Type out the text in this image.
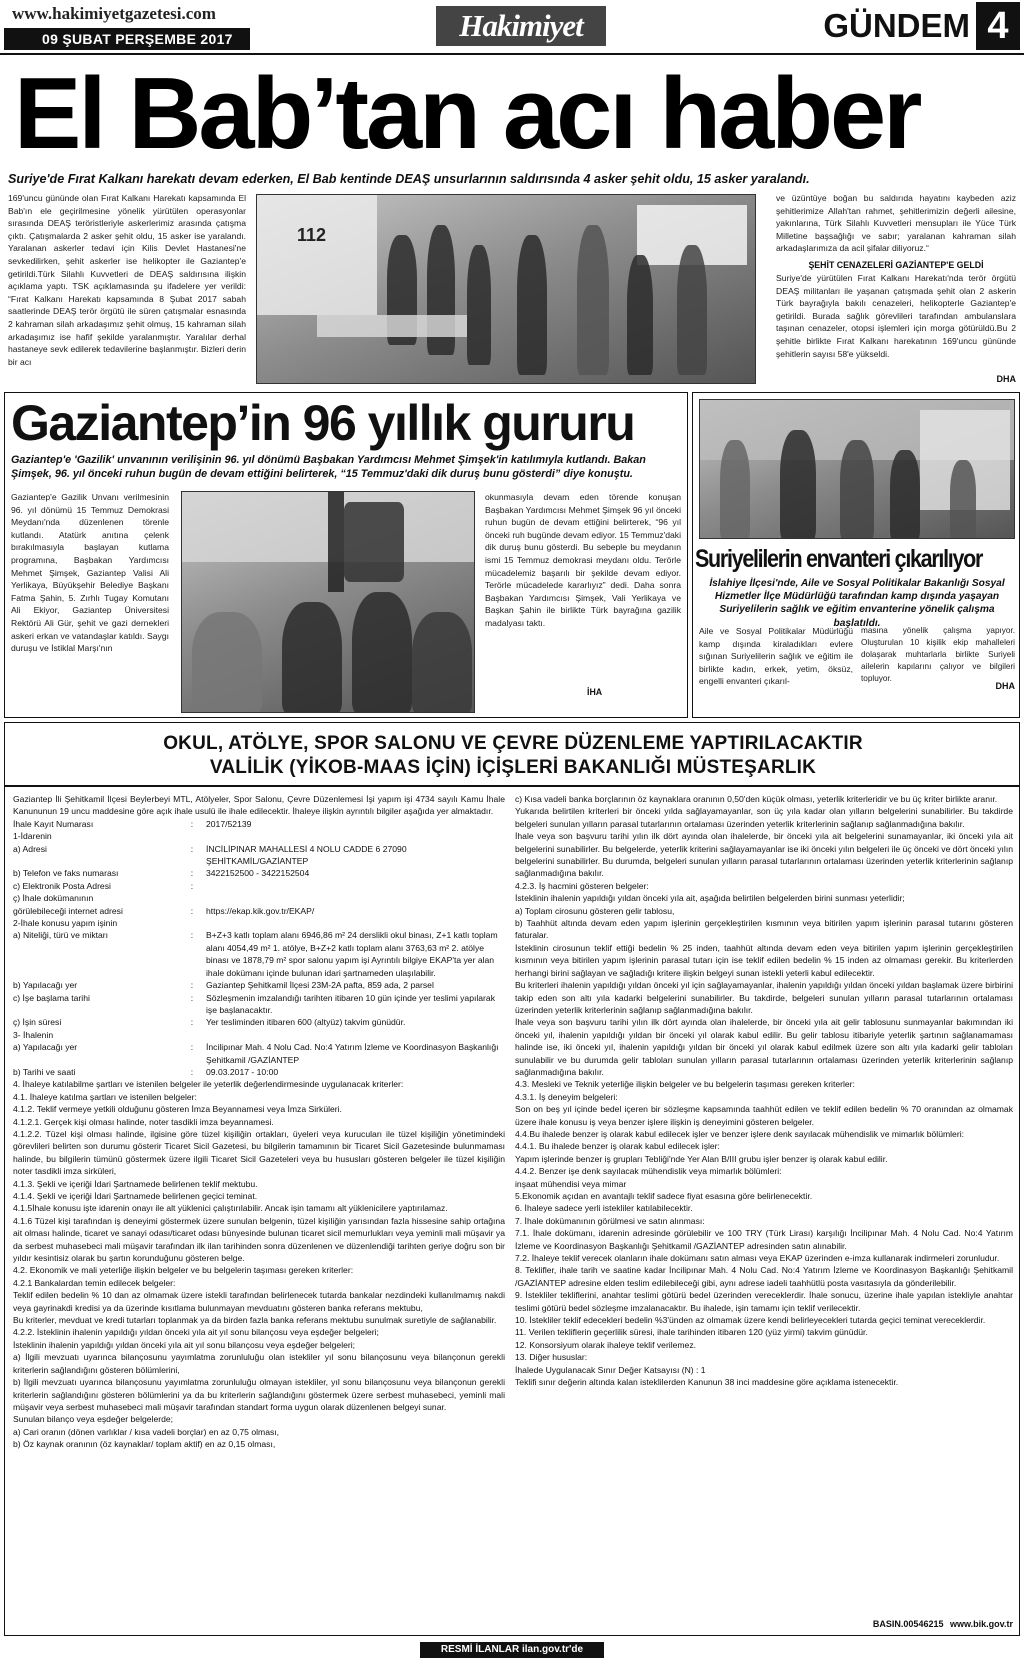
www.hakimiyetgazetesi.com
09 ŞUBAT PERŞEMBE 2017	Hakimiyet	GÜNDEM 4
El Bab’tan acı haber
Suriye'de Fırat Kalkanı harekatı devam ederken, El Bab kentinde DEAŞ unsurlarının saldırısında 4 asker şehit oldu, 15 asker yaralandı.
169'uncu gününde olan Fırat Kalkanı Harekatı kapsamında El Bab'ın ele geçirilmesine yönelik yürütülen operasyonlar sırasında DEAŞ teröristleriyle askerlerimiz arasında çatışma çıktı. Çatışmalarda 2 asker şehit oldu, 15 asker ise yaralandı. Yaralanan askerler tedavi için Kilis Devlet Hastanesi'ne sevkedilirken, şehit askerler ise helikopter ile Gaziantep'e getirildi.Türk Silahlı Kuvvetleri de DEAŞ saldırısına ilişkin açıklama yaptı. TSK açıklamasında şu ifadelere yer verildi: “Fırat Kalkanı Harekatı kapsamında 8 Şubat 2017 sabah saatlerinde DEAŞ terör örgütü ile süren çatışmalar esnasında 2 kahraman silah arkadaşımız şehit olmuş, 15 kahraman silah arkadaşımız ise hafif şekilde yaralanmıştır. Yaralılar derhal hastaneye sevk edilerek tedavilerine başlanmıştır. Bizleri derin bir acı
112
ve üzüntüye boğan bu saldırıda hayatını kaybeden aziz şehitlerimize Allah'tan rahmet, şehitlerimizin değerli ailesine, yakınlarına, Türk Silahlı Kuvvetleri mensupları ile Yüce Türk Milletine başsağlığı ve sabır; yaralanan kahraman silah arkadaşlarımıza da acil şifalar diliyoruz.“
ŞEHİT CENAZELERİ GAZİANTEP'E GELDİ
Suriye'de yürütülen Fırat Kalkanı Harekatı'nda terör örgütü DEAŞ militanları ile yaşanan çatışmada şehit olan 2 askerin Türk bayrağıyla bakılı cenazeleri, helikopterle Gaziantep'e getirildi. Burada sağlık görevlileri tarafından ambulanslara taşınan cenazeler, otopsi işlemleri için morga götürüldü.Bu 2 şehitle birlikte Fırat Kalkanı harekatının 169'uncu gününde şehitlerin sayısı 58'e yükseldi.
DHA
Gaziantep’in 96 yıllık gururu
Gaziantep'e 'Gazilik' unvanının verilişinin 96. yıl dönümü Başbakan Yardımcısı Mehmet Şimşek'in katılımıyla kutlandı. Bakan Şimşek, 96. yıl önceki ruhun bugün de devam ettiğini belirterek, “15 Temmuz'daki dik duruş bunu gösterdi” diye konuştu.
Gaziantep'e Gazilik Unvanı verilmesinin 96. yıl dönümü 15 Temmuz Demokrasi Meydanı'nda düzenlenen törenle kutlandı. Atatürk anıtına çelenk bırakılmasıyla başlayan kutlama programına, Başbakan Yardımcısı Mehmet Şimşek, Gaziantep Valisi Ali Yerlikaya, Büyükşehir Belediye Başkanı Fatma Şahin, 5. Zırhlı Tugay Komutanı Ali Ekiyor, Gaziantep Üniversitesi Rektörü Ali Gür, şehit ve gazi dernekleri askeri erkan ve vatandaşlar katıldı. Saygı duruşu ve İstiklal Marşı'nın
okunmasıyla devam eden törende konuşan Başbakan Yardımcısı Mehmet Şimşek 96 yıl önceki ruhun bugün de devam ettiğini belirterek, “96 yıl önceki ruh bugünde devam ediyor. 15 Temmuz'daki dik duruş bunu gösterdi. Bu sebeple bu meydanın ismi 15 Temmuz demokrasi meydanı oldu. Terörle mücadelemiz başarılı bir şekilde devam ediyor. Terörle mücadelede kararlıyız” dedi. Daha sonra Başbakan Yardımcısı Şimşek, Vali Yerlikaya ve Başkan Şahin ile birlikte Türk bayrağına gazilik madalyası taktı.
İHA
Suriyelilerin envanteri çıkarılıyor
İslahiye İlçesi'nde, Aile ve Sosyal Politikalar Bakanlığı Sosyal Hizmetler İlçe Müdürlüğü tarafından kamp dışında yaşayan Suriyelilerin sağlık ve eğitim envanterine yönelik çalışma başlatıldı.
Aile ve Sosyal Politikalar Müdürlüğü kamp dışında kiraladıkları evlere sığınan Suriyelilerin sağlık ve eğitim ile birlikte kadın, erkek, yetim, öksüz, engelli envanteri çıkarıl-
masına yönelik çalışma yapıyor. Oluşturulan 10 kişilik ekip mahalleleri dolaşarak muhtarlarla birlikte Suriyeli ailelerin kapılarını çalıyor ve bilgileri topluyor.
DHA
OKUL, ATÖLYE, SPOR SALONU VE ÇEVRE DÜZENLEME YAPTIRILACAKTIR
VALİLİK (YİKOB-MAAS İÇİN) İÇİŞLERİ BAKANLIĞI MÜSTEŞARLIK
Gaziantep İli Şehitkamil İlçesi Beylerbeyi MTL, Atölyeler, Spor Salonu, Çevre Düzenlemesi İşi yapım işi 4734 sayılı Kamu İhale Kanununun 19 uncu maddesine göre açık ihale usulü ile ihale edilecektir. İhaleye ilişkin ayrıntılı bilgiler aşağıda yer almaktadır.
İhale Kayıt Numarası	:	2017/52139
1-İdarenin
a) Adresi	:	İNCİLİPINAR MAHALLESİ 4 NOLU CADDE 6 27090 ŞEHİTKAMİL/GAZİANTEP
b) Telefon ve faks numarası	:	3422152500 - 3422152504
c) Elektronik Posta Adresi	:
ç) İhale dokümanının
görülebileceği internet adresi	:	https://ekap.kik.gov.tr/EKAP/
2-İhale konusu yapım işinin
a) Niteliği, türü ve miktarı	:	B+Z+3 katlı toplam alanı 6946,86 m² 24 derslikli okul binası, Z+1 katlı toplam alanı 4054,49 m² 1. atölye, B+Z+2 katlı toplam alanı 3763,63 m² 2. atölye binası ve 1878,79 m² spor salonu yapım işi Ayrıntılı bilgiye EKAP'ta yer alan ihale dokümanı içinde bulunan idari şartnameden ulaşılabilir.
b) Yapılacağı yer	:	Gaziantep Şehitkamil İlçesi 23M-2A pafta, 859 ada, 2 parsel
c) İşe başlama tarihi	:	Sözleşmenin imzalandığı tarihten itibaren 10 gün içinde yer teslimi yapılarak işe başlanacaktır.
ç) İşin süresi	:	Yer tesliminden itibaren 600 (altyüz) takvim günüdür.
3- İhalenin
a) Yapılacağı yer	:	İncilipınar Mah. 4 Nolu Cad. No:4 Yatırım İzleme ve Koordinasyon Başkanlığı Şehitkamil /GAZİANTEP
b) Tarihi ve saati	:	09.03.2017 - 10:00
4. İhaleye katılabilme şartları ve istenilen belgeler ile yeterlik değerlendirmesinde uygulanacak kriterler:
4.1. İhaleye katılma şartları ve istenilen belgeler:
4.1.2. Teklif vermeye yetkili olduğunu gösteren İmza Beyannamesi veya İmza Sirküleri.
4.1.2.1. Gerçek kişi olması halinde, noter tasdikli imza beyannamesi.
4.1.2.2. Tüzel kişi olması halinde, ilgisine göre tüzel kişiliğin ortakları, üyeleri veya kurucuları ile tüzel kişiliğin yönetimindeki görevlileri belirten son durumu gösterir Ticaret Sicil Gazetesi, bu bilgilerin tamamının bir Ticaret Sicil Gazetesinde bulunmaması halinde, bu bilgilerin tümünü göstermek üzere ilgili Ticaret Sicil Gazeteleri veya bu hususları gösteren belgeler ile tüzel kişiliğin noter tasdikli imza sirküleri,
4.1.3. Şekli ve içeriği İdari Şartnamede belirlenen teklif mektubu.
4.1.4. Şekli ve içeriği İdari Şartnamede belirlenen geçici teminat.
4.1.5İhale konusu işte idarenin onayı ile alt yüklenici çalıştırılabilir. Ancak işin tamamı alt yüklenicilere yaptırılamaz.
4.1.6 Tüzel kişi tarafından iş deneyimi göstermek üzere sunulan belgenin, tüzel kişiliğin yarısından fazla hissesine sahip ortağına ait olması halinde, ticaret ve sanayi odası/ticaret odası bünyesinde bulunan ticaret sicil memurlukları veya yeminli mali müşavir ya da serbest muhasebeci mali müşavir tarafından ilk ilan tarihinden sonra düzenlenen ve düzenlendiği tarihten geriye doğru son bir yıldır kesintisiz olarak bu şartın korunduğunu gösteren belge.
4.2. Ekonomik ve mali yeterliğe ilişkin belgeler ve bu belgelerin taşıması gereken kriterler:
4.2.1 Bankalardan temin edilecek belgeler:
Teklif edilen bedelin % 10 dan az olmamak üzere istekli tarafından belirlenecek tutarda bankalar nezdindeki kullanılmamış nakdi veya gayrinakdi kredisi ya da üzerinde kısıtlama bulunmayan mevduatını gösteren banka referans mektubu,
Bu kriterler, mevduat ve kredi tutarları toplanmak ya da birden fazla banka referans mektubu sunulmak suretiyle de sağlanabilir.
4.2.2. İsteklinin ihalenin yapıldığı yıldan önceki yıla ait yıl sonu bilançosu veya eşdeğer belgeleri;
İsteklinin ihalenin yapıldığı yıldan önceki yıla ait yıl sonu bilançosu veya eşdeğer belgeleri;
a) İlgili mevzuatı uyarınca bilançosunu yayımlatma zorunluluğu olan istekliler yıl sonu bilançosunu veya bilançonun gerekli kriterlerin sağlandığını gösteren bölümlerini,
b) İlgili mevzuatı uyarınca bilançosunu yayımlatma zorunluluğu olmayan istekliler, yıl sonu bilançosunu veya bilançonun gerekli kriterlerin sağlandığını gösteren bölümlerini ya da bu kriterlerin sağlandığını göstermek üzere serbest muhasebeci, yeminli mali müşavir veya serbest muhasebeci mali müşavir tarafından standart forma uygun olarak düzenlenen belgeyi sunar.
Sunulan bilanço veya eşdeğer belgelerde;
a) Cari oranın (dönen varlıklar / kısa vadeli borçlar) en az 0,75 olması,
b) Öz kaynak oranının (öz kaynaklar/ toplam aktif) en az 0,15 olması,
c) Kısa vadeli banka borçlarının öz kaynaklara oranının 0,50'den küçük olması, yeterlik kriterleridir ve bu üç kriter birlikte aranır.
Yukarıda belirtilen kriterleri bir önceki yılda sağlayamayanlar, son üç yıla kadar olan yılların belgelerini sunabilirler. Bu takdirde belgeleri sunulan yılların parasal tutarlarının ortalaması üzerinden yeterlik kriterlerinin sağlanıp sağlanmadığına bakılır.
İhale veya son başvuru tarihi yılın ilk dört ayında olan ihalelerde, bir önceki yıla ait belgelerini sunamayanlar, iki önceki yıla ait belgelerini sunabilirler. Bu belgelerde, yeterlik kriterini sağlayamayanlar ise iki önceki yılın belgeleri ile üç önceki ve dört önceki yılın belgelerini sunabilirler. Bu durumda, belgeleri sunulan yılların parasal tutarlarının ortalaması üzerinden yeterlik kriterlerinin sağlanıp sağlanmadığına bakılır.
4.2.3. İş hacmini gösteren belgeler:
İsteklinin ihalenin yapıldığı yıldan önceki yıla ait, aşağıda belirtilen belgelerden birini sunması yeterlidir;
a) Toplam cirosunu gösteren gelir tablosu,
b) Taahhüt altında devam eden yapım işlerinin gerçekleştirilen kısmının veya bitirilen yapım işlerinin parasal tutarını gösteren faturalar.
İsteklinin cirosunun teklif ettiği bedelin % 25 inden, taahhüt altında devam eden veya bitirilen yapım işlerinin gerçekleştirilen kısmının veya bitirilen yapım işlerinin parasal tutarı için ise teklif edilen bedelin % 15 inden az olmaması gerekir. Bu kriterlerden herhangi birini sağlayan ve sağladığı kritere ilişkin belgeyi sunan istekli yeterli kabul edilecektir.
Bu kriterleri ihalenin yapıldığı yıldan önceki yıl için sağlayamayanlar, ihalenin yapıldığı yıldan önceki yıldan başlamak üzere birbirini takip eden son altı yıla kadarki belgelerini sunabilirler. Bu takdirde, belgeleri sunulan yılların parasal tutarlarının ortalaması üzerinden yeterlik kriterlerinin sağlanıp sağlanmadığına bakılır.
İhale veya son başvuru tarihi yılın ilk dört ayında olan ihalelerde, bir önceki yıla ait gelir tablosunu sunmayanlar bakımından iki önceki yıl, ihalenin yapıldığı yıldan bir önceki yıl olarak kabul edilir. Bu gelir tablosu itibariyle yeterlik şartının sağlanamaması halinde ise, iki önceki yıl, ihalenin yapıldığı yıldan bir önceki yıl olarak kabul edilmek üzere son altı yıla kadarki gelir tabloları sunulabilir ve bu durumda gelir tabloları sunulan yılların parasal tutarlarının ortalaması üzerinden yeterlik kriterlerinin sağlanıp sağlanmadığına bakılır.
4.3. Mesleki ve Teknik yeterliğe ilişkin belgeler ve bu belgelerin taşıması gereken kriterler:
4.3.1. İş deneyim belgeleri:
Son on beş yıl içinde bedel içeren bir sözleşme kapsamında taahhüt edilen ve teklif edilen bedelin % 70 oranından az olmamak üzere ihale konusu iş veya benzer işlere ilişkin iş deneyimini gösteren belgeler.
4.4.Bu ihalede benzer iş olarak kabul edilecek işler ve benzer işlere denk sayılacak mühendislik ve mimarlık bölümleri:
4.4.1. Bu ihalede benzer iş olarak kabul edilecek işler:
Yapım işlerinde benzer iş grupları Tebliği'nde Yer Alan B/III grubu işler benzer iş olarak kabul edilir.
4.4.2. Benzer işe denk sayılacak mühendislik veya mimarlık bölümleri:
inşaat mühendisi veya mimar
5.Ekonomik açıdan en avantajlı teklif sadece fiyat esasına göre belirlenecektir.
6. İhaleye sadece yerli istekliler katılabilecektir.
7. İhale dokümanının görülmesi ve satın alınması:
7.1. İhale dokümanı, idarenin adresinde görülebilir ve 100 TRY (Türk Lirası) karşılığı İncilipınar Mah. 4 Nolu Cad. No:4 Yatırım İzleme ve Koordinasyon Başkanlığı Şehitkamil /GAZİANTEP adresinden satın alınabilir.
7.2. İhaleye teklif verecek olanların ihale dokümanı satın alması veya EKAP üzerinden e-imza kullanarak indirmeleri zorunludur.
8. Teklifler, ihale tarih ve saatine kadar İncilipınar Mah. 4 Nolu Cad. No:4 Yatırım İzleme ve Koordinasyon Başkanlığı Şehitkamil /GAZİANTEP adresine elden teslim edilebileceği gibi, aynı adrese iadeli taahhütlü posta vasıtasıyla da gönderilebilir.
9. İstekliler tekliflerini, anahtar teslimi götürü bedel üzerinden vereceklerdir. İhale sonucu, üzerine ihale yapılan istekliyle anahtar teslimi götürü bedel sözleşme imzalanacaktır. Bu ihalede, işin tamamı için teklif verilecektir.
10. İstekliler teklif edecekleri bedelin %3'ünden az olmamak üzere kendi belirleyecekleri tutarda geçici teminat vereceklerdir.
11. Verilen tekliflerin geçerlilik süresi, ihale tarihinden itibaren 120 (yüz yirmi) takvim günüdür.
12. Konsorsiyum olarak ihaleye teklif verilemez.
13. Diğer hususlar:
İhalede Uygulanacak Sınır Değer Katsayısı (N) : 1
Teklifi sınır değerin altında kalan isteklilerden Kanunun 38 inci maddesine göre açıklama istenecektir.
BASIN.00546215 www.bik.gov.tr
RESMİ İLANLAR ilan.gov.tr'de
